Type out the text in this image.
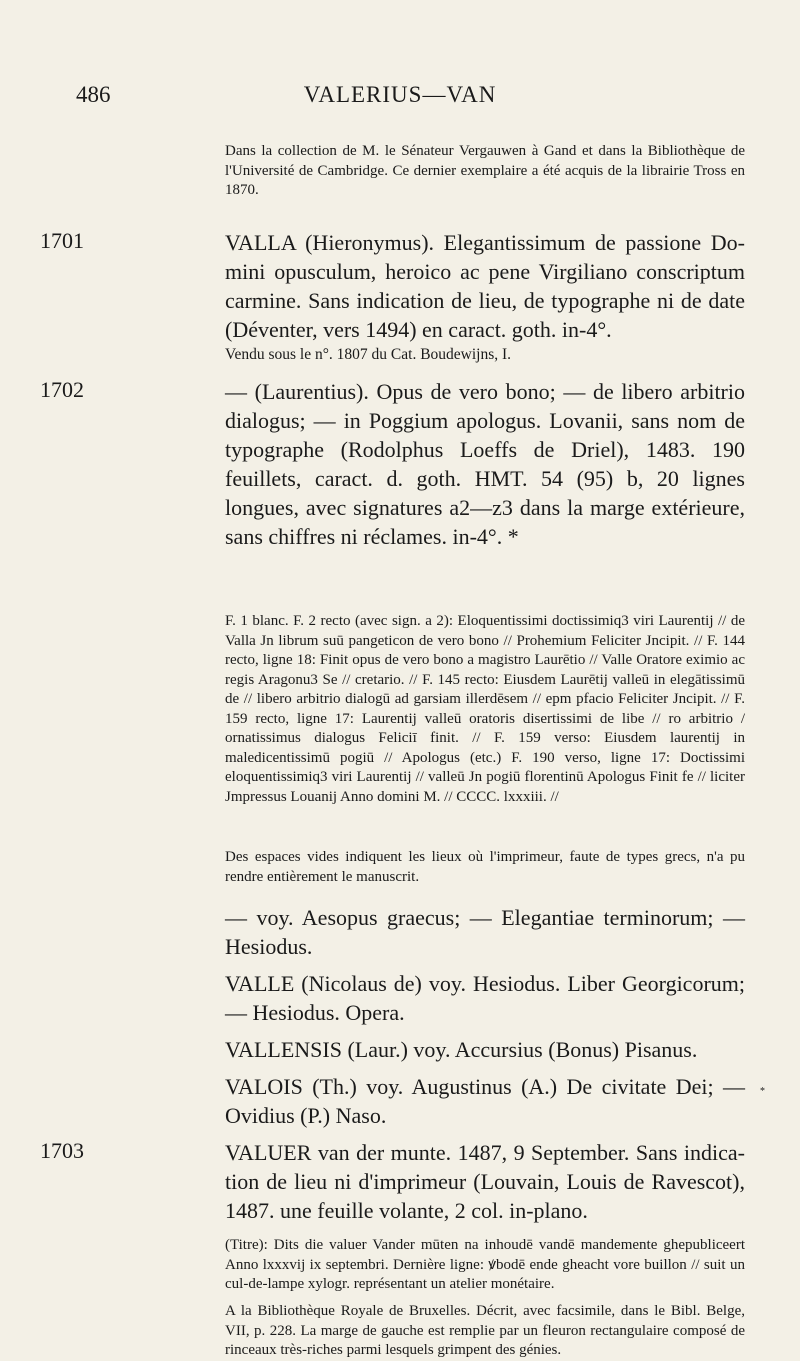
486	VALERIUS—VAN
Dans la collection de M. le Sénateur Vergauwen à Gand et dans la Bibliothèque de l'Université de Cambridge. Ce dernier exemplaire a été acquis de la librairie Tross en 1870.
1701	VALLA (Hieronymus). Elegantissimum de passione Domini opusculum, heroico ac pene Virgiliano conscriptum carmine. Sans indication de lieu, de typographe ni de date (Déventer, vers 1494) en caract. goth. in-4°.
Vendu sous le n°. 1807 du Cat. Boudewijns, I.
1702	— (Laurentius). Opus de vero bono; — de libero arbitrio dialogus; — in Poggium apologus. Lovanii, sans nom de typographe (Rodolphus Loeffs de Driel), 1483. 190 feuillets, caract. d. goth. HMT. 54 (95) b, 20 lignes longues, avec signatures a2—z3 dans la marge extérieure, sans chiffres ni réclames. in-4°. *
F. 1 blanc. F. 2 recto (avec sign. a 2): Eloquentissimi doctissimiq3 viri Laurentij // de Valla Jn librum suū pangeticon de vero bono // Prohemium Feliciter Jncipit. // F. 144 recto, ligne 18: Finit opus de vero bono a magistro Laurētio // Valle Oratore eximio ac regis Aragonu3 Se // cretario. // F. 145 recto: Eiusdem Laurētij valleū in elegātissimū de // libero arbitrio dialogū ad garsiam illerdēsem // epm pfacio Feliciter Jncipit. // F. 159 recto, ligne 17: Laurentij valleū oratoris disertissimi de libe // ro arbitrio / ornatissimus dialogus Feliciī finit. // F. 159 verso: Eiusdem laurentij in maledicentissimū pogiū // Apologus (etc.) F. 190 verso, ligne 17: Doctissimi eloquentissimiq3 viri Laurentij // valleū Jn pogiū florentinū Apologus Finit fe // liciter Jmpressus Louanij Anno domini M. // CCCC. lxxxiii. //
Des espaces vides indiquent les lieux où l'imprimeur, faute de types grecs, n'a pu rendre entièrement le manuscrit.
— voy. Aesopus graecus; — Elegantiae terminorum; — Hesiodus.
VALLE (Nicolaus de) voy. Hesiodus. Liber Georgicorum; — Hesiodus. Opera.
VALLENSIS (Laur.) voy. Accursius (Bonus) Pisanus.
VALOIS (Th.) voy. Augustinus (A.) De civitate Dei; — Ovidius (P.) Naso.
1703	VALUER van der munte. 1487, 9 September. Sans indication de lieu ni d'imprimeur (Louvain, Louis de Ravescot), 1487. une feuille volante, 2 col. in-plano.
(Titre): Dits die valuer Vander mūten na inhoudē vandē mandemente ghepubliceert Anno lxxxvij ix septembri. Dernière ligne: ꝟbodē ende gheacht vore buillon // suit un cul-de-lampe xylogr. représentant un atelier monétaire.
A la Bibliothèque Royale de Bruxelles. Décrit, avec facsimile, dans le Bibl. Belge, VII, p. 228. La marge de gauche est remplie par un fleuron rectangulaire composé de rinceaux très-riches parmi lesquels grimpent des génies.
*
